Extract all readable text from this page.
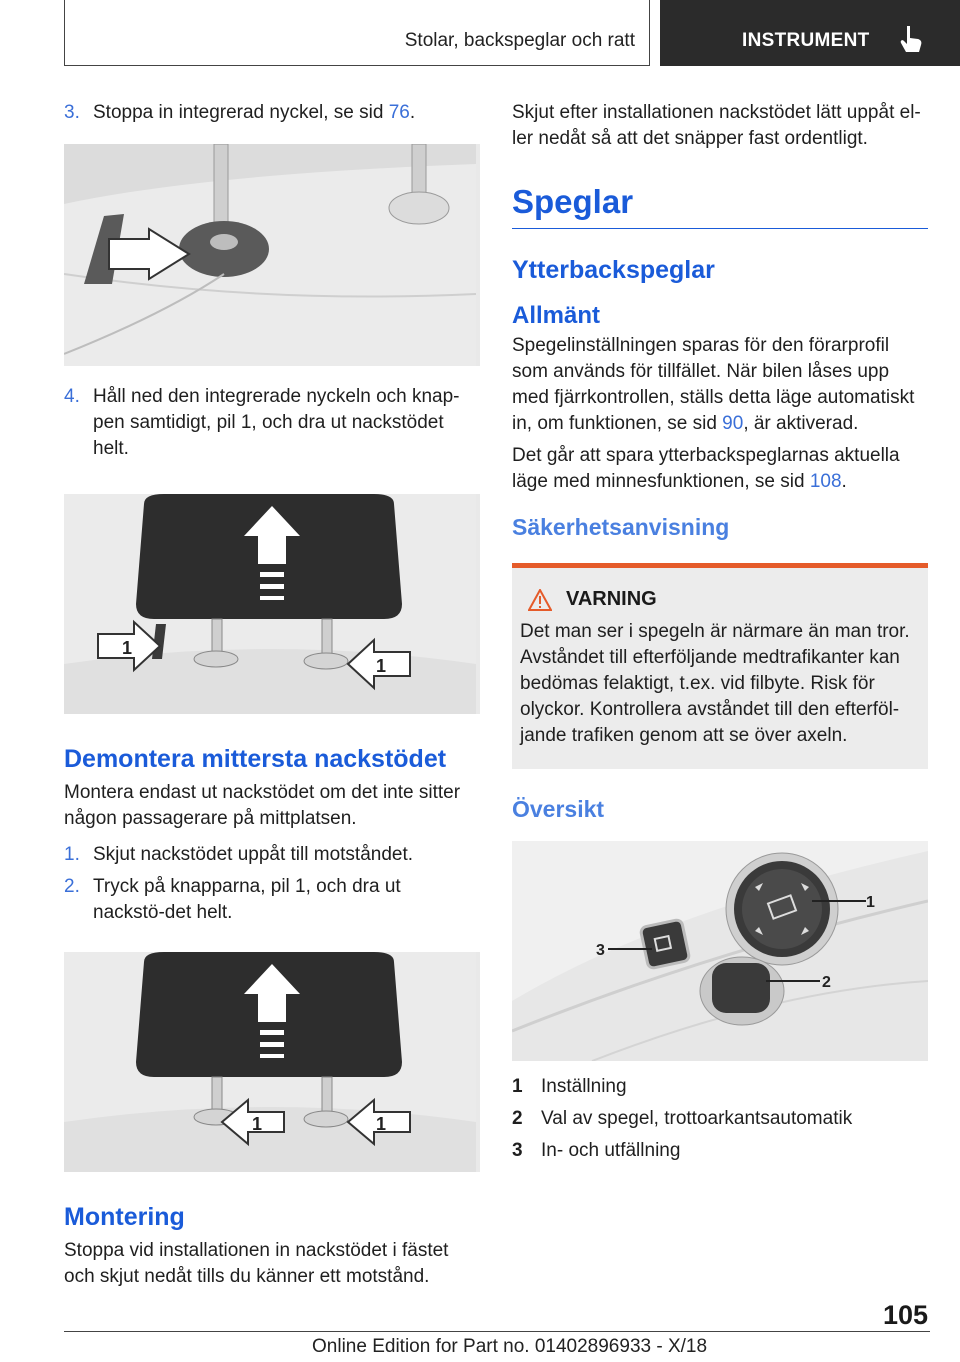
Stolar, backspeglar och ratt	INSTRUMENT
3. Stoppa in integrerad nyckel, se sid 76.
4. Håll ned den integrerade nyckeln och knap-pen samtidigt, pil 1, och dra ut nackstödet helt.
1
1
Demontera mittersta nackstödet

Montera endast ut nackstödet om det inte sitter någon passagerare på mittplatsen.

1. Skjut nackstödet uppåt till motståndet.
2. Tryck på knapparna, pil 1, och dra ut nackstö-det helt.
1	1
Montering

Stoppa vid installationen in nackstödet i fästet och skjut nedåt tills du känner ett motstånd.

Skjut efter installationen nackstödet lätt uppåt el-ler nedåt så att det snäpper fast ordentligt.

Speglar
Ytterbackspeglar
Allmänt

Spegelinställningen sparas för den förarprofil som används för tillfället. När bilen låses upp med fjärrkontrollen, ställs detta läge automatiskt in, om funktionen, se sid 90, är aktiverad.

Det går att spara ytterbackspeglarnas aktuella läge med minnesfunktionen, se sid 108.

Säkerhetsanvisning
VARNING

Det man ser i spegeln är närmare än man tror. Avståndet till efterföljande medtrafikanter kan bedömas felaktigt, t.ex. vid filbyte. Risk för olyckor. Kontrollera avståndet till den efterföl-jande trafiken genom att se över axeln.

Översikt
1
2
3
1 Inställning
2 Val av spegel, trottoarkantsautomatik
3 In- och utfällning
105
Online Edition for Part no. 01402896933 - X/18
